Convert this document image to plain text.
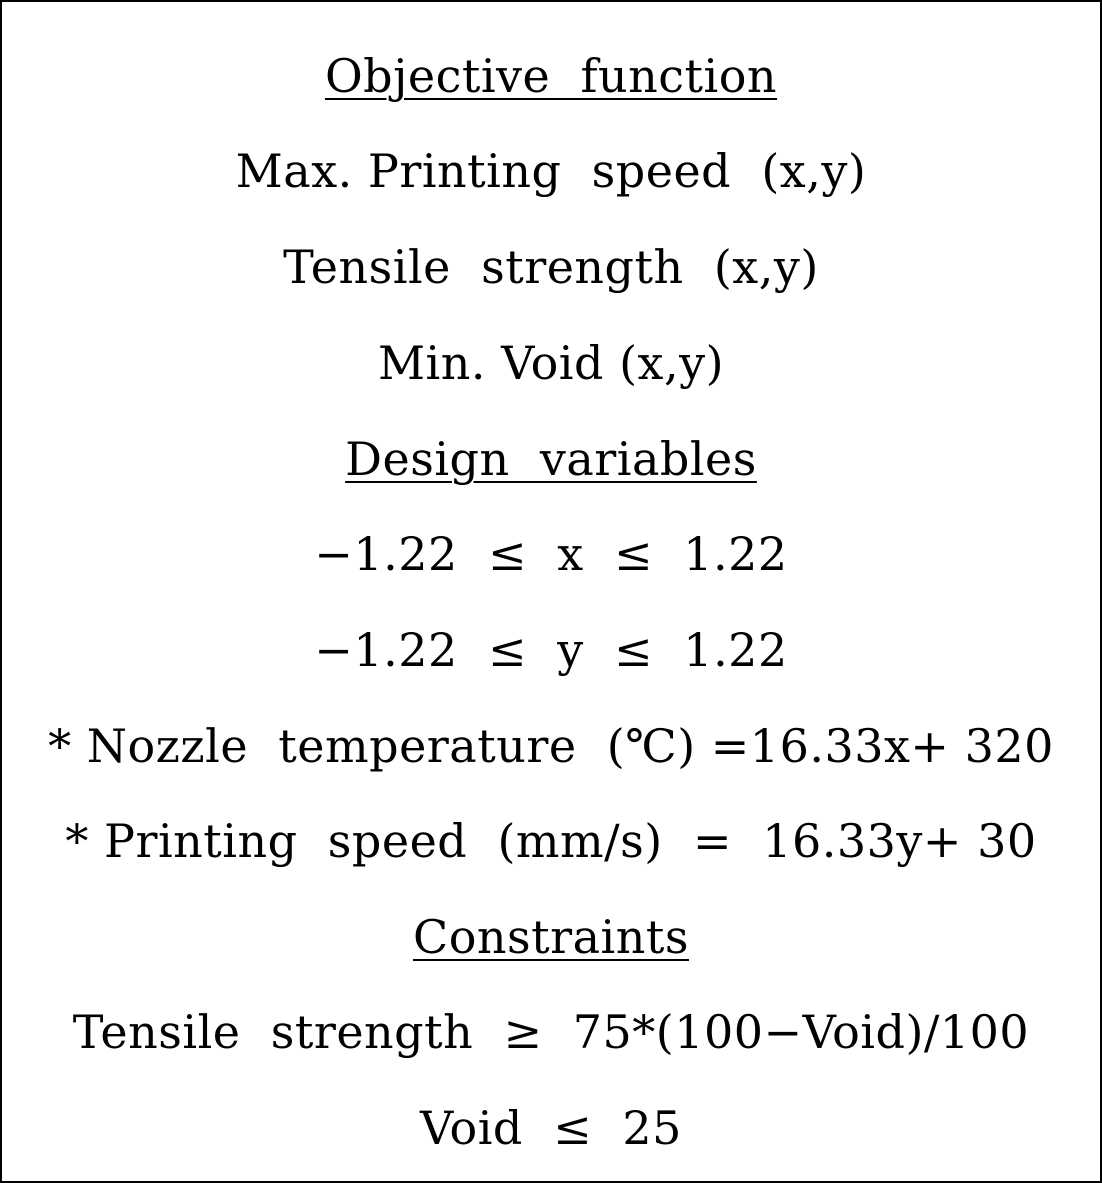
Objective  function
Max. Printing  speed  (x,y)
Tensile  strength  (x,y)
Min. Void (x,y)
Design  variables
−1.22  ≤  x  ≤  1.22
−1.22  ≤  y  ≤  1.22
* Nozzle  temperature  (℃) =16.33x+ 320
* Printing  speed  (mm/s)  =  16.33y+ 30
Constraints
Tensile  strength  ≥  75*(100−Void)/100
Void  ≤  25
